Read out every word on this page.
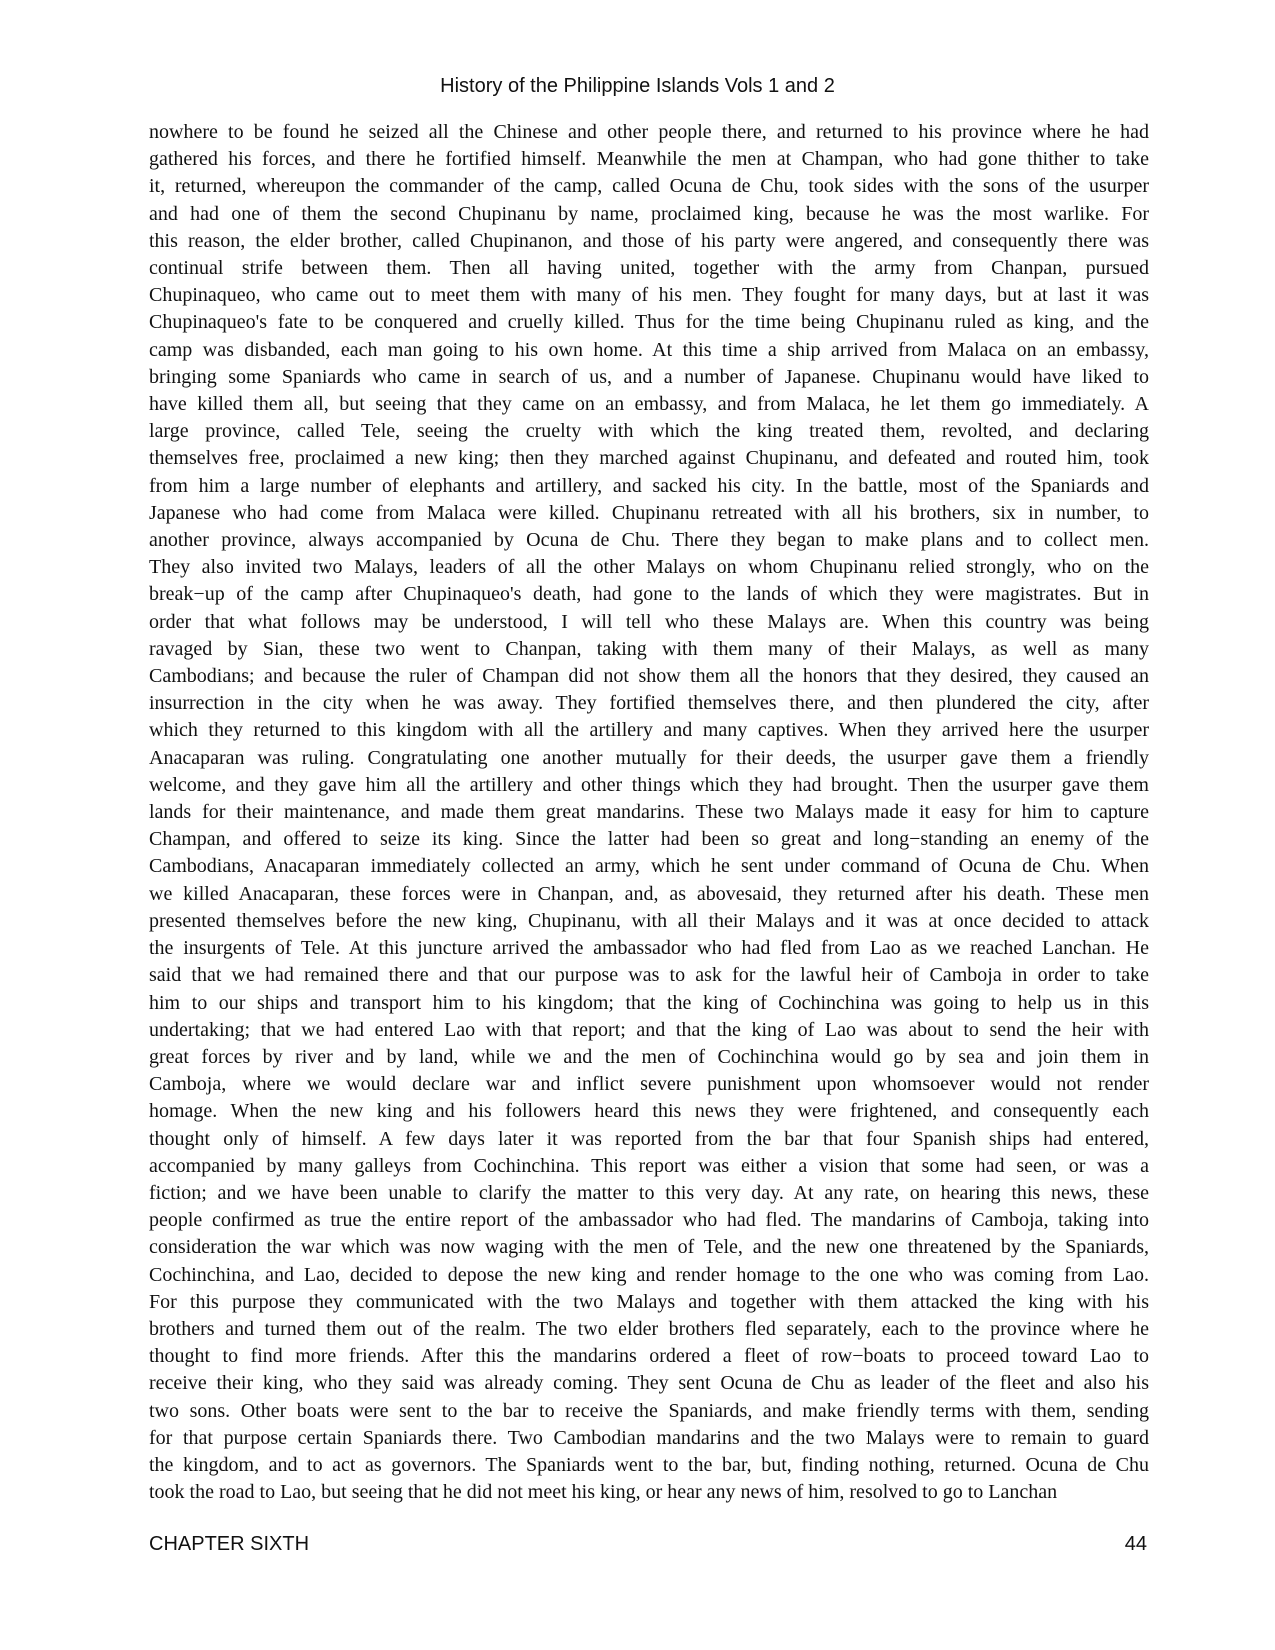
History of the Philippine Islands Vols 1 and 2
nowhere to be found he seized all the Chinese and other people there, and returned to his province where he had
gathered his forces, and there he fortified himself. Meanwhile the men at Champan, who had gone thither to take
it, returned, whereupon the commander of the camp, called Ocuna de Chu, took sides with the sons of the usurper
and had one of them the second Chupinanu by name, proclaimed king, because he was the most warlike. For
this reason, the elder brother, called Chupinanon, and those of his party were angered, and consequently there was
continual strife between them. Then all having united, together with the army from Chanpan, pursued
Chupinaqueo, who came out to meet them with many of his men. They fought for many days, but at last it was
Chupinaqueo's fate to be conquered and cruelly killed. Thus for the time being Chupinanu ruled as king, and the
camp was disbanded, each man going to his own home. At this time a ship arrived from Malaca on an embassy,
bringing some Spaniards who came in search of us, and a number of Japanese. Chupinanu would have liked to
have killed them all, but seeing that they came on an embassy, and from Malaca, he let them go immediately. A
large province, called Tele, seeing the cruelty with which the king treated them, revolted, and declaring
themselves free, proclaimed a new king; then they marched against Chupinanu, and defeated and routed him, took
from him a large number of elephants and artillery, and sacked his city. In the battle, most of the Spaniards and
Japanese who had come from Malaca were killed. Chupinanu retreated with all his brothers, six in number, to
another province, always accompanied by Ocuna de Chu. There they began to make plans and to collect men.
They also invited two Malays, leaders of all the other Malays on whom Chupinanu relied strongly, who on the
break−up of the camp after Chupinaqueo's death, had gone to the lands of which they were magistrates. But in
order that what follows may be understood, I will tell who these Malays are. When this country was being
ravaged by Sian, these two went to Chanpan, taking with them many of their Malays, as well as many
Cambodians; and because the ruler of Champan did not show them all the honors that they desired, they caused an
insurrection in the city when he was away. They fortified themselves there, and then plundered the city, after
which they returned to this kingdom with all the artillery and many captives. When they arrived here the usurper
Anacaparan was ruling. Congratulating one another mutually for their deeds, the usurper gave them a friendly
welcome, and they gave him all the artillery and other things which they had brought. Then the usurper gave them
lands for their maintenance, and made them great mandarins. These two Malays made it easy for him to capture
Champan, and offered to seize its king. Since the latter had been so great and long−standing an enemy of the
Cambodians, Anacaparan immediately collected an army, which he sent under command of Ocuna de Chu. When
we killed Anacaparan, these forces were in Chanpan, and, as abovesaid, they returned after his death. These men
presented themselves before the new king, Chupinanu, with all their Malays and it was at once decided to attack
the insurgents of Tele. At this juncture arrived the ambassador who had fled from Lao as we reached Lanchan. He
said that we had remained there and that our purpose was to ask for the lawful heir of Camboja in order to take
him to our ships and transport him to his kingdom; that the king of Cochinchina was going to help us in this
undertaking; that we had entered Lao with that report; and that the king of Lao was about to send the heir with
great forces by river and by land, while we and the men of Cochinchina would go by sea and join them in
Camboja, where we would declare war and inflict severe punishment upon whomsoever would not render
homage. When the new king and his followers heard this news they were frightened, and consequently each
thought only of himself. A few days later it was reported from the bar that four Spanish ships had entered,
accompanied by many galleys from Cochinchina. This report was either a vision that some had seen, or was a
fiction; and we have been unable to clarify the matter to this very day. At any rate, on hearing this news, these
people confirmed as true the entire report of the ambassador who had fled. The mandarins of Camboja, taking into
consideration the war which was now waging with the men of Tele, and the new one threatened by the Spaniards,
Cochinchina, and Lao, decided to depose the new king and render homage to the one who was coming from Lao.
For this purpose they communicated with the two Malays and together with them attacked the king with his
brothers and turned them out of the realm. The two elder brothers fled separately, each to the province where he
thought to find more friends. After this the mandarins ordered a fleet of row−boats to proceed toward Lao to
receive their king, who they said was already coming. They sent Ocuna de Chu as leader of the fleet and also his
two sons. Other boats were sent to the bar to receive the Spaniards, and make friendly terms with them, sending
for that purpose certain Spaniards there. Two Cambodian mandarins and the two Malays were to remain to guard
the kingdom, and to act as governors. The Spaniards went to the bar, but, finding nothing, returned. Ocuna de Chu
took the road to Lao, but seeing that he did not meet his king, or hear any news of him, resolved to go to Lanchan
CHAPTER SIXTH	44
